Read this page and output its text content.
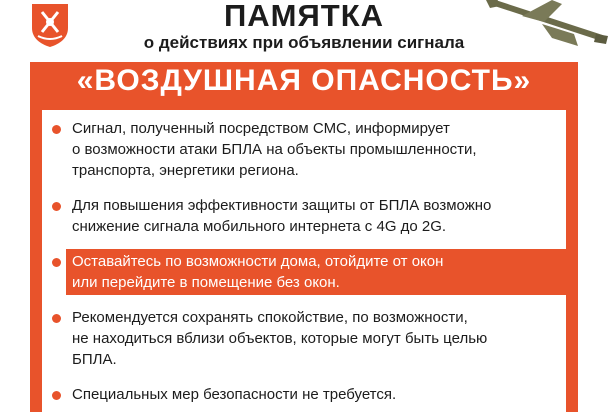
ПАМЯТКА
о действиях при объявлении сигнала
«ВОЗДУШНАЯ ОПАСНОСТЬ»
Сигнал, полученный посредством СМС, информирует
о возможности атаки БПЛА на объекты промышленности,
транспорта, энергетики региона.
Для повышения эффективности защиты от БПЛА возможно
снижение сигнала мобильного интернета с 4G до 2G.
Оставайтесь по возможности дома, отойдите от окон
или перейдите в помещение без окон.
Рекомендуется сохранять спокойствие, по возможности,
не находиться вблизи объектов, которые могут быть целью
БПЛА.
Специальных мер безопасности не требуется.
